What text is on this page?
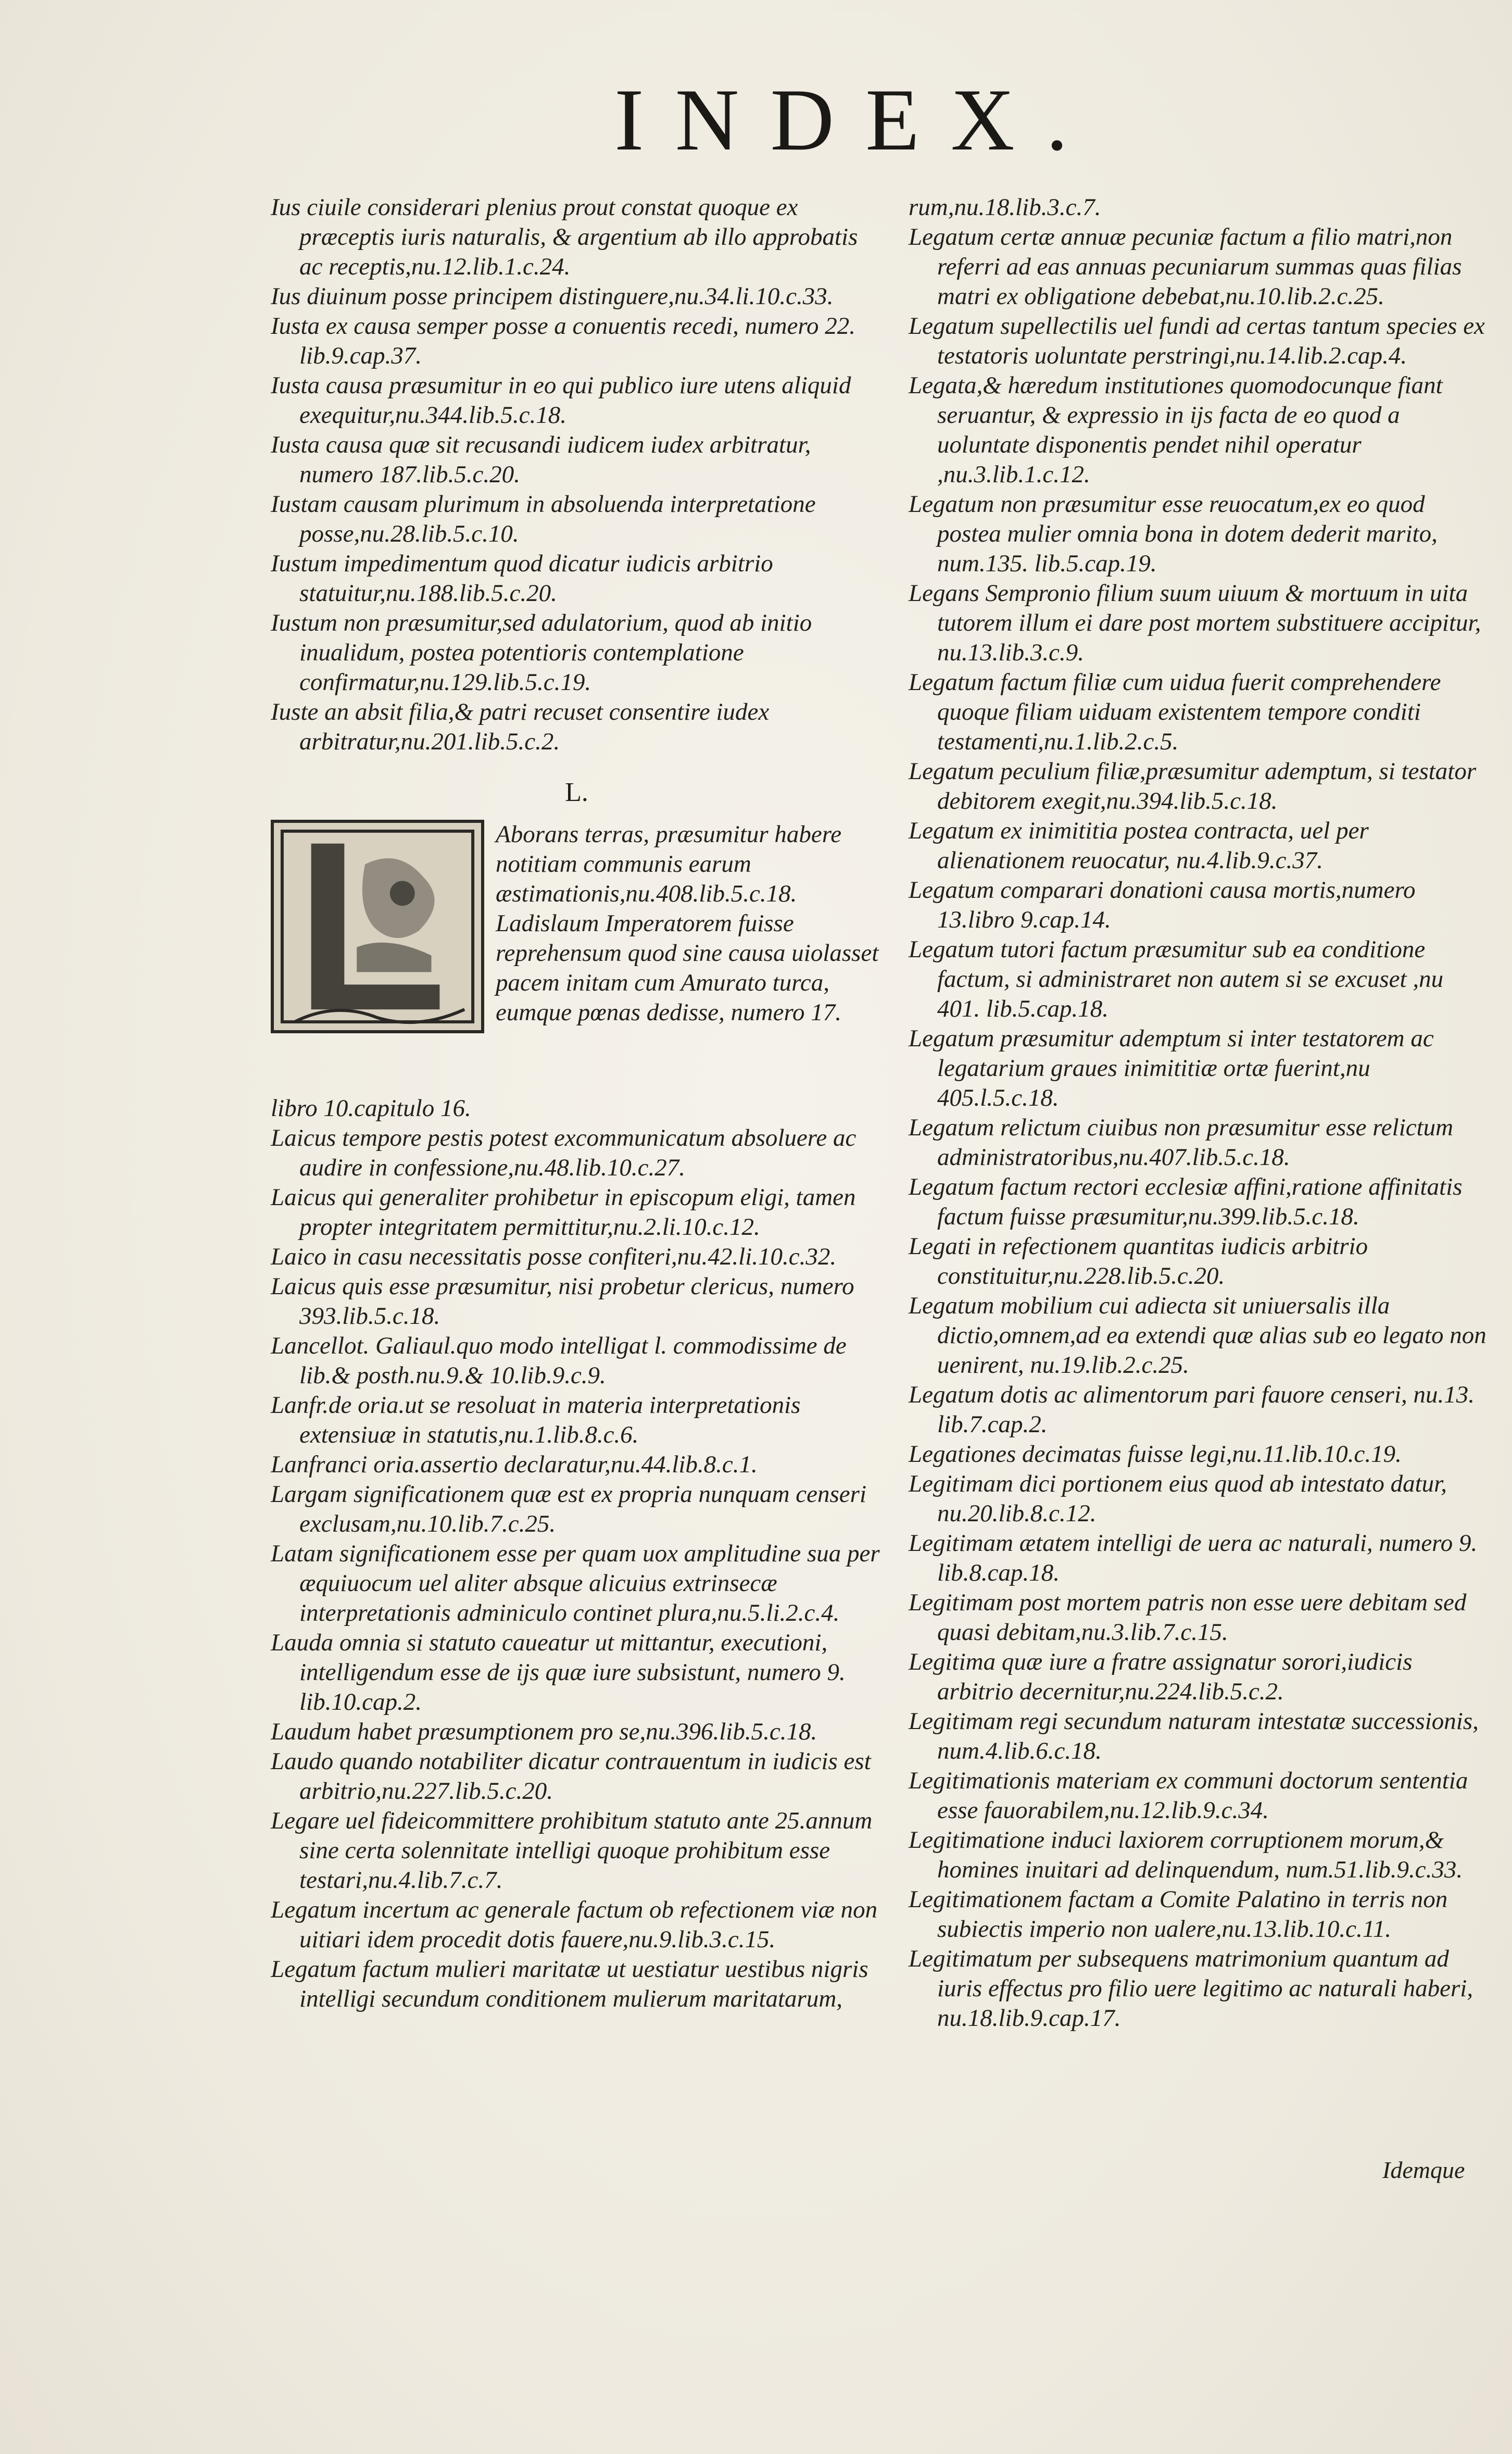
INDEX.

Ius ciuile considerari plenius prout constat quoque ex præceptis iuris naturalis, & argentium ab illo approbatis ac receptis,nu.12.lib.1.c.24.

Ius diuinum posse principem distinguere,nu.34.li.10.c.33.

Iusta ex causa semper posse a conuentis recedi, numero 22. lib.9.cap.37.

Iusta causa præsumitur in eo qui publico iure utens aliquid exequitur,nu.344.lib.5.c.18.

Iusta causa quæ sit recusandi iudicem iudex arbitratur, numero 187.lib.5.c.20.

Iustam causam plurimum in absoluenda interpretatione posse,nu.28.lib.5.c.10.

Iustum impedimentum quod dicatur iudicis arbitrio statuitur,nu.188.lib.5.c.20.

Iustum non præsumitur,sed adulatorium, quod ab initio inualidum, postea potentioris contemplatione confirmatur,nu.129.lib.5.c.19.

Iuste an absit filia,& patri recuset consentire iudex arbitratur,nu.201.lib.5.c.2.

L.
Aborans terras, præsumitur habere notitiam communis earum æstimationis,nu.408.lib.5.c.18. Ladislaum Imperatorem fuisse reprehensum quod sine causa uiolasset pacem initam cum Amurato turca, eumque pœnas dedisse, numero 17.

libro 10.capitulo 16.

Laicus tempore pestis potest excommunicatum absoluere ac audire in confessione,nu.48.lib.10.c.27.

Laicus qui generaliter prohibetur in episcopum eligi, tamen propter integritatem permittitur,nu.2.li.10.c.12.

Laico in casu necessitatis posse confiteri,nu.42.li.10.c.32.

Laicus quis esse præsumitur, nisi probetur clericus, numero 393.lib.5.c.18.

Lancellot. Galiaul.quo modo intelligat l. commodissime de lib.& posth.nu.9.& 10.lib.9.c.9.

Lanfr.de oria.ut se resoluat in materia interpretationis extensiuæ in statutis,nu.1.lib.8.c.6.

Lanfranci oria.assertio declaratur,nu.44.lib.8.c.1.

Largam significationem quæ est ex propria nunquam censeri exclusam,nu.10.lib.7.c.25.

Latam significationem esse per quam uox amplitudine sua per æquiuocum uel aliter absque alicuius extrinsecæ interpretationis adminiculo continet plura,nu.5.li.2.c.4.

Lauda omnia si statuto caueatur ut mittantur, executioni, intelligendum esse de ijs quæ iure subsistunt, numero 9. lib.10.cap.2.

Laudum habet præsumptionem pro se,nu.396.lib.5.c.18.

Laudo quando notabiliter dicatur contrauentum in iudicis est arbitrio,nu.227.lib.5.c.20.

Legare uel fideicommittere prohibitum statuto ante 25.annum sine certa solennitate intelligi quoque prohibitum esse testari,nu.4.lib.7.c.7.

Legatum incertum ac generale factum ob refectionem viæ non uitiari idem procedit dotis fauere,nu.9.lib.3.c.15.

Legatum factum mulieri maritatæ ut uestiatur uestibus nigris intelligi secundum conditionem mulierum maritatarum,

rum,nu.18.lib.3.c.7.

Legatum certæ annuæ pecuniæ factum a filio matri,non referri ad eas annuas pecuniarum summas quas filias matri ex obligatione debebat,nu.10.lib.2.c.25.

Legatum supellectilis uel fundi ad certas tantum species ex testatoris uoluntate perstringi,nu.14.lib.2.cap.4.

Legata,& hæredum institutiones quomodocunque fiant seruantur, & expressio in ijs facta de eo quod a uoluntate disponentis pendet nihil operatur ,nu.3.lib.1.c.12.

Legatum non præsumitur esse reuocatum,ex eo quod postea mulier omnia bona in dotem dederit marito, num.135. lib.5.cap.19.

Legans Sempronio filium suum uiuum & mortuum in uita tutorem illum ei dare post mortem substituere accipitur, nu.13.lib.3.c.9.

Legatum factum filiæ cum uidua fuerit comprehendere quoque filiam uiduam existentem tempore conditi testamenti,nu.1.lib.2.c.5.

Legatum peculium filiæ,præsumitur ademptum, si testator debitorem exegit,nu.394.lib.5.c.18.

Legatum ex inimititia postea contracta, uel per alienationem reuocatur, nu.4.lib.9.c.37.

Legatum comparari donationi causa mortis,numero 13.libro 9.cap.14.

Legatum tutori factum præsumitur sub ea conditione factum, si administraret non autem si se excuset ,nu 401. lib.5.cap.18.

Legatum præsumitur ademptum si inter testatorem ac legatarium graues inimititiæ ortæ fuerint,nu 405.l.5.c.18.

Legatum relictum ciuibus non præsumitur esse relictum administratoribus,nu.407.lib.5.c.18.

Legatum factum rectori ecclesiæ affini,ratione affinitatis factum fuisse præsumitur,nu.399.lib.5.c.18.

Legati in refectionem quantitas iudicis arbitrio constituitur,nu.228.lib.5.c.20.

Legatum mobilium cui adiecta sit uniuersalis illa dictio,omnem,ad ea extendi quæ alias sub eo legato non uenirent, nu.19.lib.2.c.25.

Legatum dotis ac alimentorum pari fauore censeri, nu.13. lib.7.cap.2.

Legationes decimatas fuisse legi,nu.11.lib.10.c.19.

Legitimam dici portionem eius quod ab intestato datur, nu.20.lib.8.c.12.

Legitimam ætatem intelligi de uera ac naturali, numero 9. lib.8.cap.18.

Legitimam post mortem patris non esse uere debitam sed quasi debitam,nu.3.lib.7.c.15.

Legitima quæ iure a fratre assignatur sorori,iudicis arbitrio decernitur,nu.224.lib.5.c.2.

Legitimam regi secundum naturam intestatæ successionis, num.4.lib.6.c.18.

Legitimationis materiam ex communi doctorum sententia esse fauorabilem,nu.12.lib.9.c.34.

Legitimatione induci laxiorem corruptionem morum,& homines inuitari ad delinquendum, num.51.lib.9.c.33.

Legitimationem factam a Comite Palatino in terris non subiectis imperio non ualere,nu.13.lib.10.c.11.

Legitimatum per subsequens matrimonium quantum ad iuris effectus pro filio uere legitimo ac naturali haberi, nu.18.lib.9.cap.17.

Idemque
